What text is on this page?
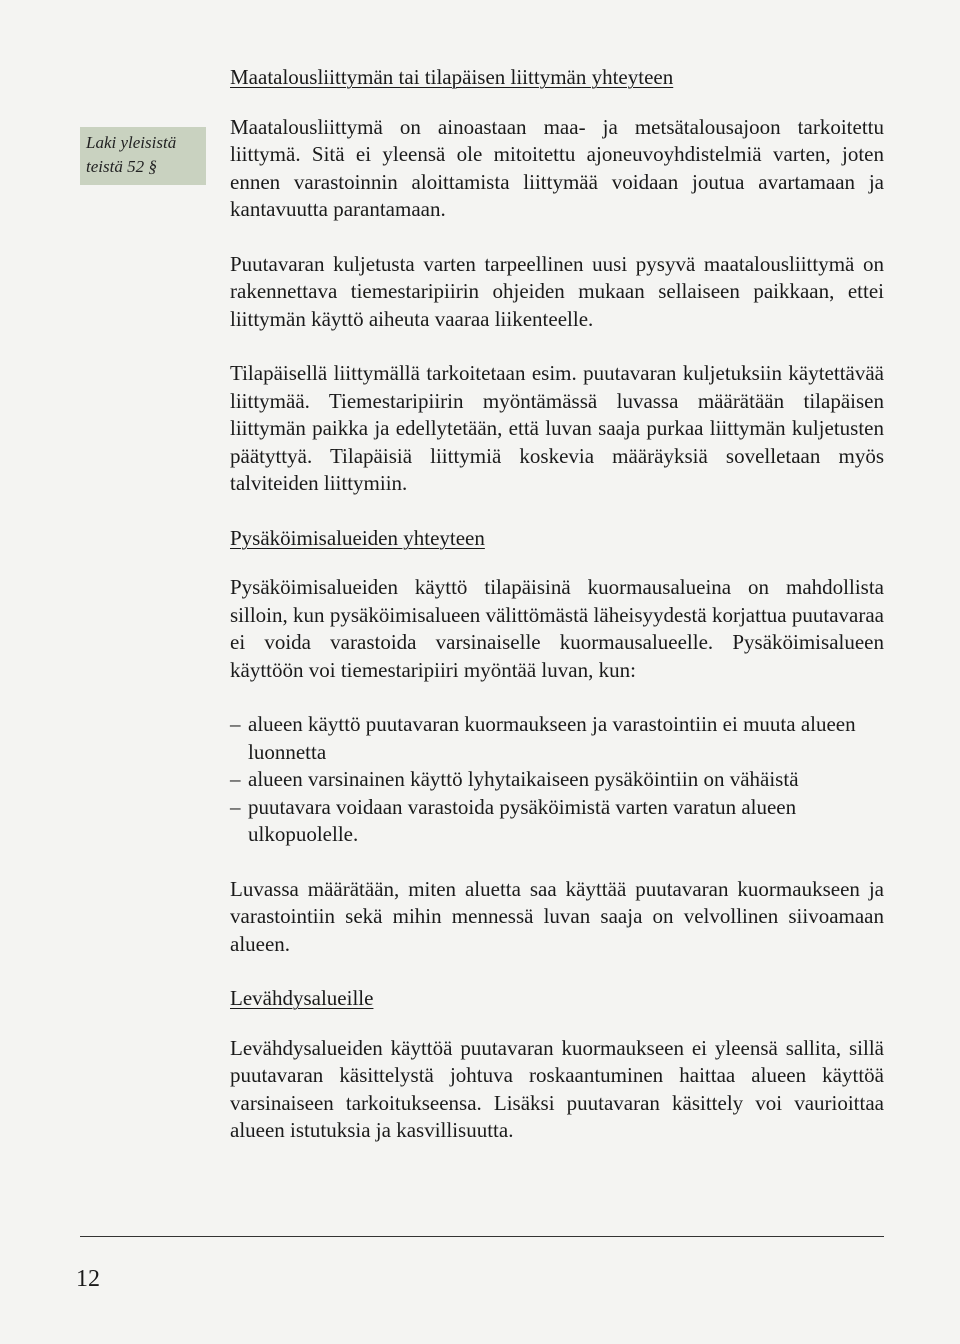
Laki yleisistä
teistä 52 §
Maatalousliittymän tai tilapäisen liittymän yhteyteen

Maatalousliittymä on ainoastaan maa- ja metsätalousajoon tarkoitettu liittymä. Sitä ei yleensä ole mitoitettu ajoneuvoyhdistelmiä varten, joten ennen varastoinnin aloittamista liittymää voidaan joutua avartamaan ja kantavuutta parantamaan.

Puutavaran kuljetusta varten tarpeellinen uusi pysyvä maatalousliittymä on rakennettava tiemestaripiirin ohjeiden mukaan sellaiseen paikkaan, ettei liittymän käyttö aiheuta vaaraa liikenteelle.

Tilapäisellä liittymällä tarkoitetaan esim. puutavaran kuljetuksiin käytettävää liittymää. Tiemestaripiirin myöntämässä luvassa määrätään tilapäisen liittymän paikka ja edellytetään, että luvan saaja purkaa liittymän kuljetusten päätyttyä. Tilapäisiä liittymiä koskevia määräyksiä sovelletaan myös talviteiden liittymiin.

Pysäköimisalueiden yhteyteen

Pysäköimisalueiden käyttö tilapäisinä kuormausalueina on mahdollista silloin, kun pysäköimisalueen välittömästä läheisyydestä korjattua puutavaraa ei voida varastoida varsinaiselle kuormausalueelle. Pysäköimisalueen käyttöön voi tiemestaripiiri myöntää luvan, kun:

– alueen käyttö puutavaran kuormaukseen ja varastointiin ei muuta alueen luonnetta
– alueen varsinainen käyttö lyhytaikaiseen pysäköintiin on vähäistä
– puutavara voidaan varastoida pysäköimistä varten varatun alueen ulkopuolelle.

Luvassa määrätään, miten aluetta saa käyttää puutavaran kuormaukseen ja varastointiin sekä mihin mennessä luvan saaja on velvollinen siivoamaan alueen.

Levähdysalueille

Levähdysalueiden käyttöä puutavaran kuormaukseen ei yleensä sallita, sillä puutavaran käsittelystä johtuva roskaantuminen haittaa alueen käyttöä varsinaiseen tarkoitukseensa. Lisäksi puutavaran käsittely voi vaurioittaa alueen istutuksia ja kasvillisuutta.

12
